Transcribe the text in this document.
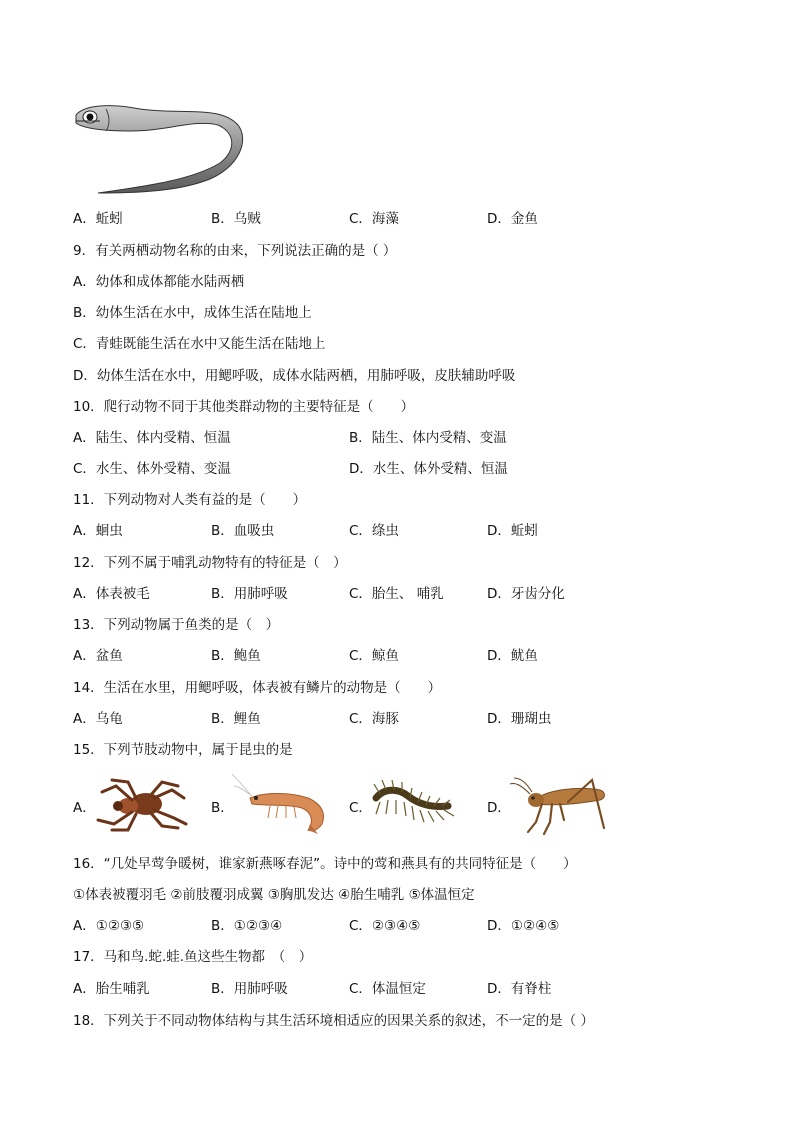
A．蚯蚓	B．乌贼	C．海藻	D．金鱼
9．有关两栖动物名称的由来，下列说法正确的是（ ）
A．幼体和成体都能水陆两栖
B．幼体生活在水中，成体生活在陆地上
C．青蛙既能生活在水中又能生活在陆地上
D．幼体生活在水中，用鳃呼吸，成体水陆两栖，用肺呼吸，皮肤辅助呼吸
10．爬行动物不同于其他类群动物的主要特征是（　　）
A．陆生、体内受精、恒温	B．陆生、体内受精、变温
C．水生、体外受精、变温	D．水生、体外受精、恒温
11．下列动物对人类有益的是（　　）
A．蛔虫	B．血吸虫	C．绦虫	D．蚯蚓
12．下列不属于哺乳动物特有的特征是（　）
A．体表被毛	B．用肺呼吸	C．胎生、 哺乳	D．牙齿分化
13．下列动物属于鱼类的是（　）
A．盆鱼	B．鲍鱼	C．鲸鱼	D．鱿鱼
14．生活在水里，用鳃呼吸，体表被有鳞片的动物是（　　）
A．乌龟	B．鲤鱼	C．海豚	D．珊瑚虫
15．下列节肢动物中，属于昆虫的是
A．	B．	C．	D．
16．“几处早莺争暖树，谁家新燕啄春泥”。诗中的莺和燕具有的共同特征是（　　）
①体表被覆羽毛 ②前肢覆羽成翼 ③胸肌发达 ④胎生哺乳 ⑤体温恒定
A．①②③⑤	B．①②③④	C．②③④⑤	D．①②④⑤
17．马和鸟.蛇.蛙.鱼这些生物都　（　）
A．胎生哺乳	B．用肺呼吸	C．体温恒定	D．有脊柱
18．下列关于不同动物体结构与其生活环境相适应的因果关系的叙述，不一定的是（ ）
